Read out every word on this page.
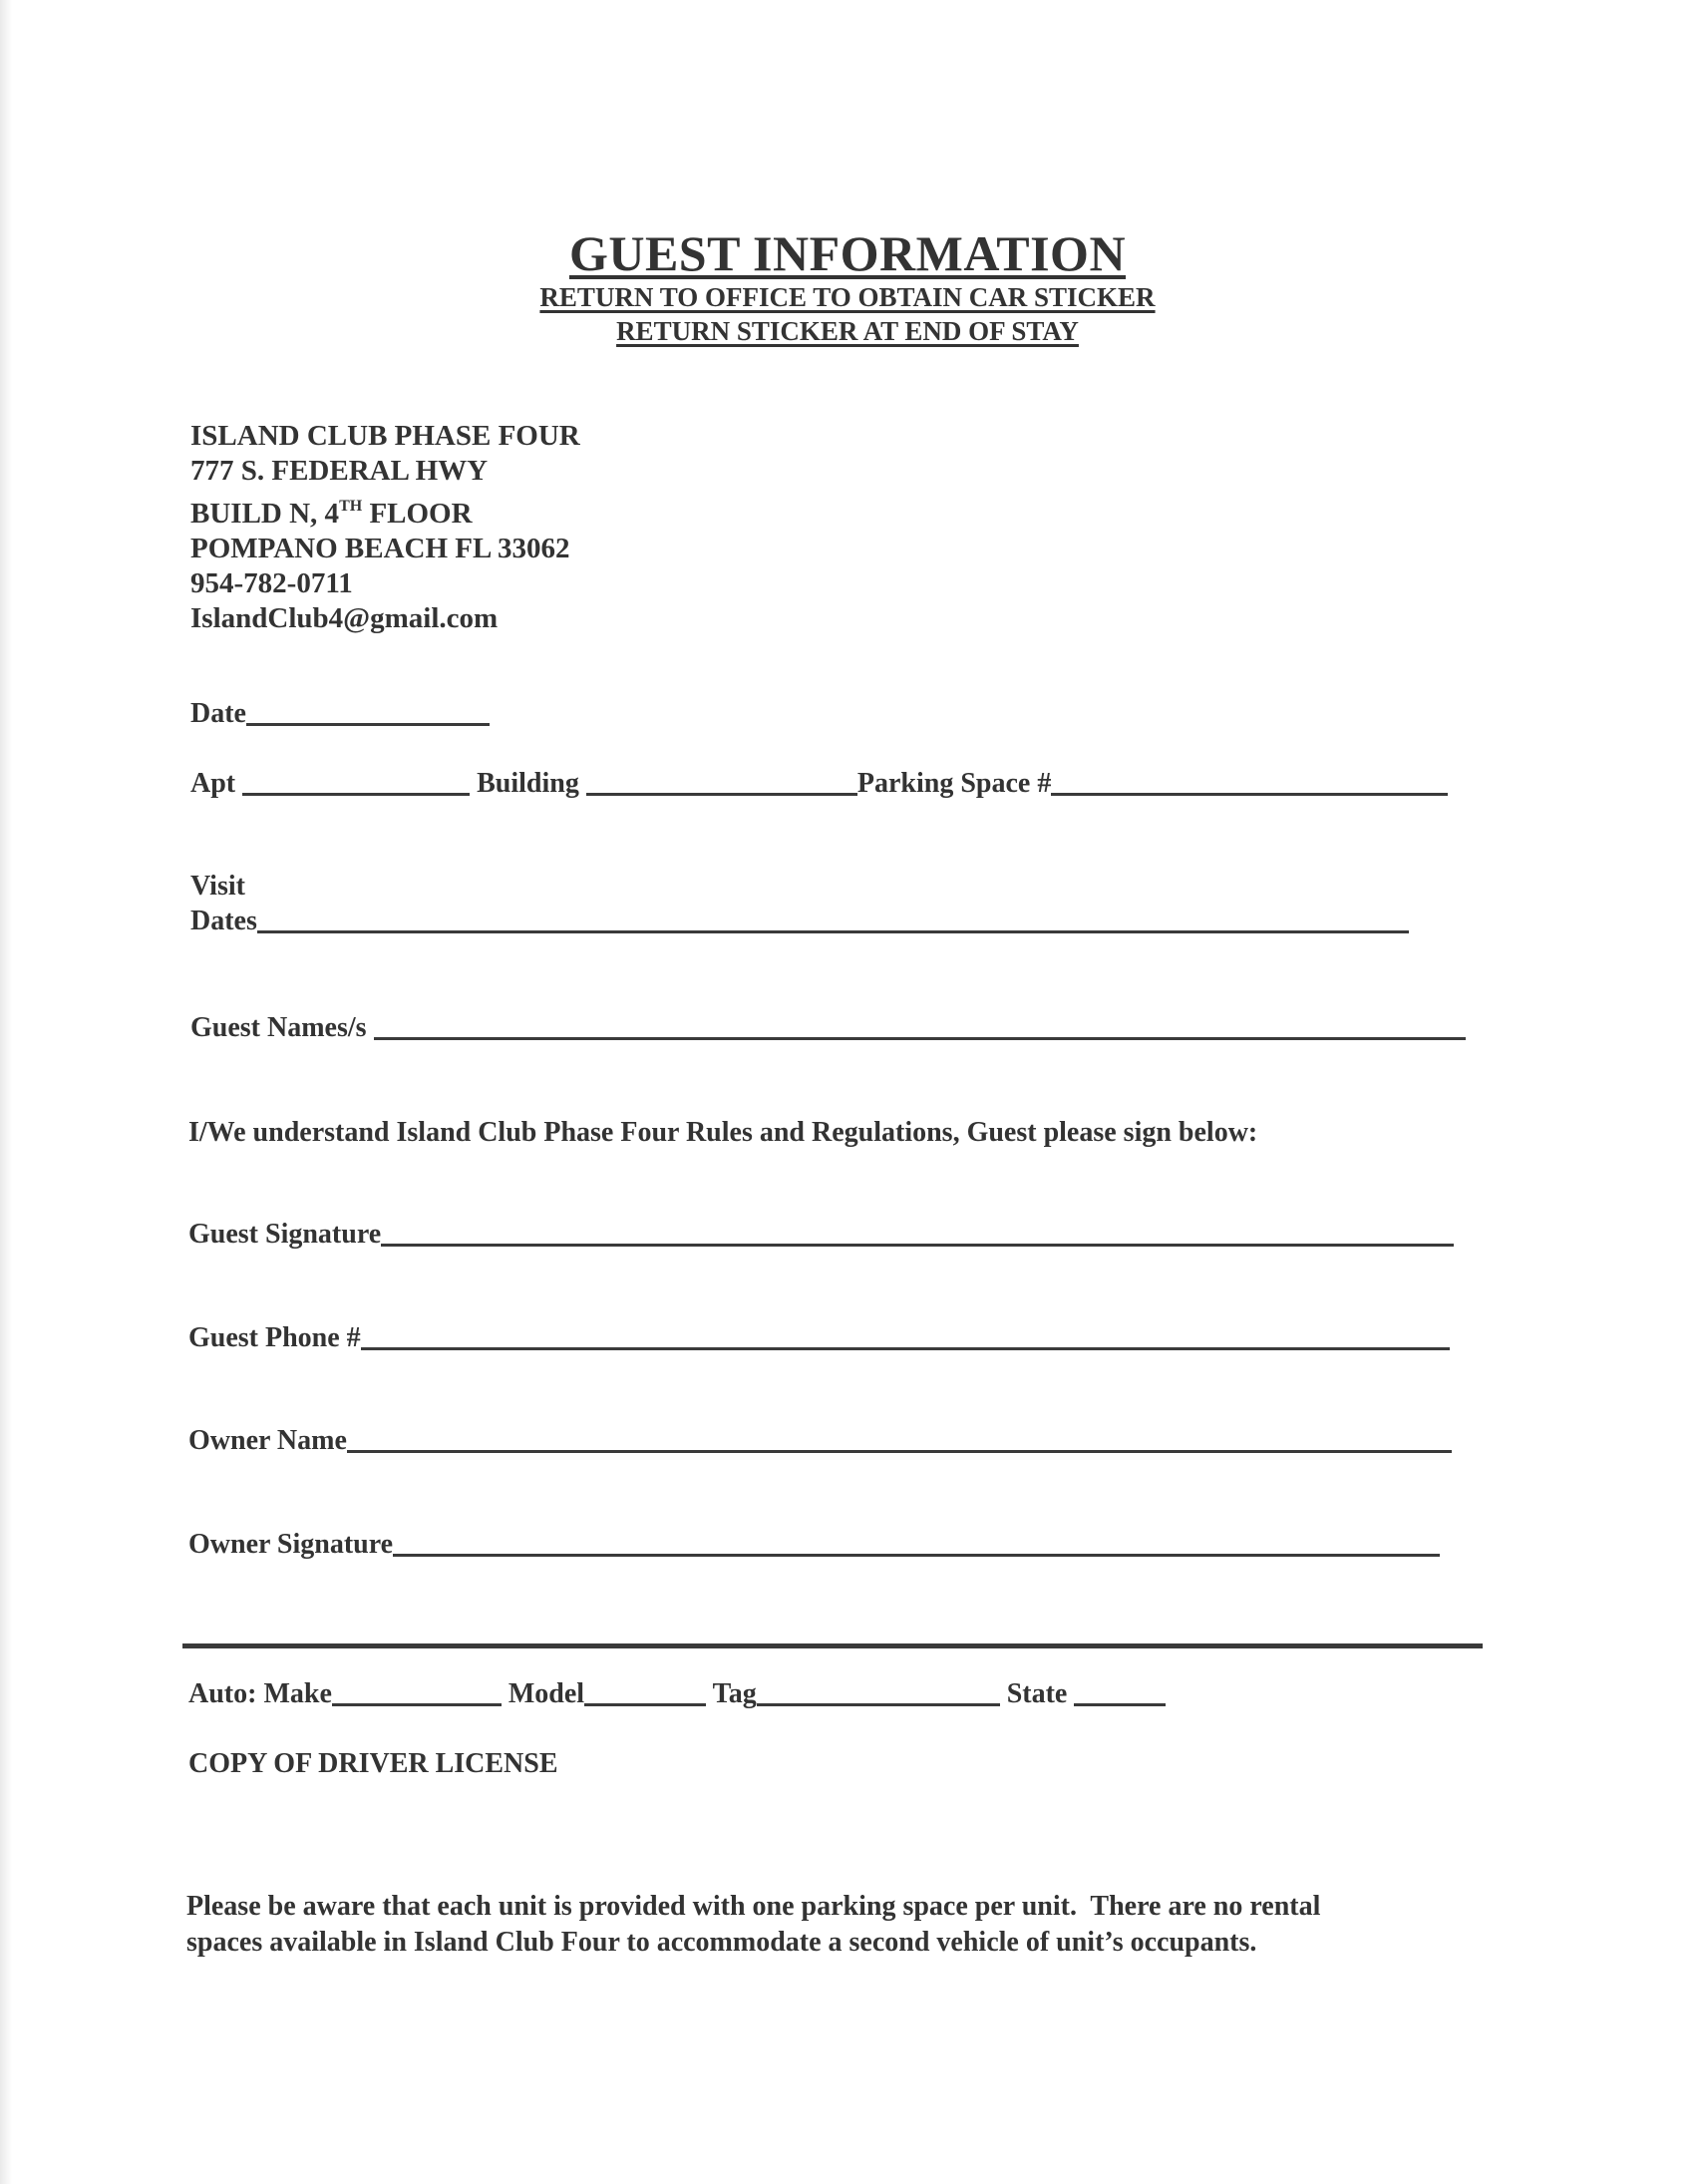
GUEST INFORMATION
RETURN TO OFFICE TO OBTAIN CAR STICKER
RETURN STICKER AT END OF STAY
ISLAND CLUB PHASE FOUR
777 S. FEDERAL HWY
BUILD N, 4TH FLOOR
POMPANO BEACH FL 33062
954-782-0711
IslandClub4@gmail.com
Date
Apt	Building	Parking Space #
Visit
Dates
Guest Names/s
I/We understand Island Club Phase Four Rules and Regulations, Guest please sign below:
Guest Signature
Guest Phone #
Owner Name
Owner Signature
Auto: Make	Model	Tag	State
COPY OF DRIVER LICENSE
Please be aware that each unit is provided with one parking space per unit.  There are no rental
spaces available in Island Club Four to accommodate a second vehicle of unit’s occupants.
